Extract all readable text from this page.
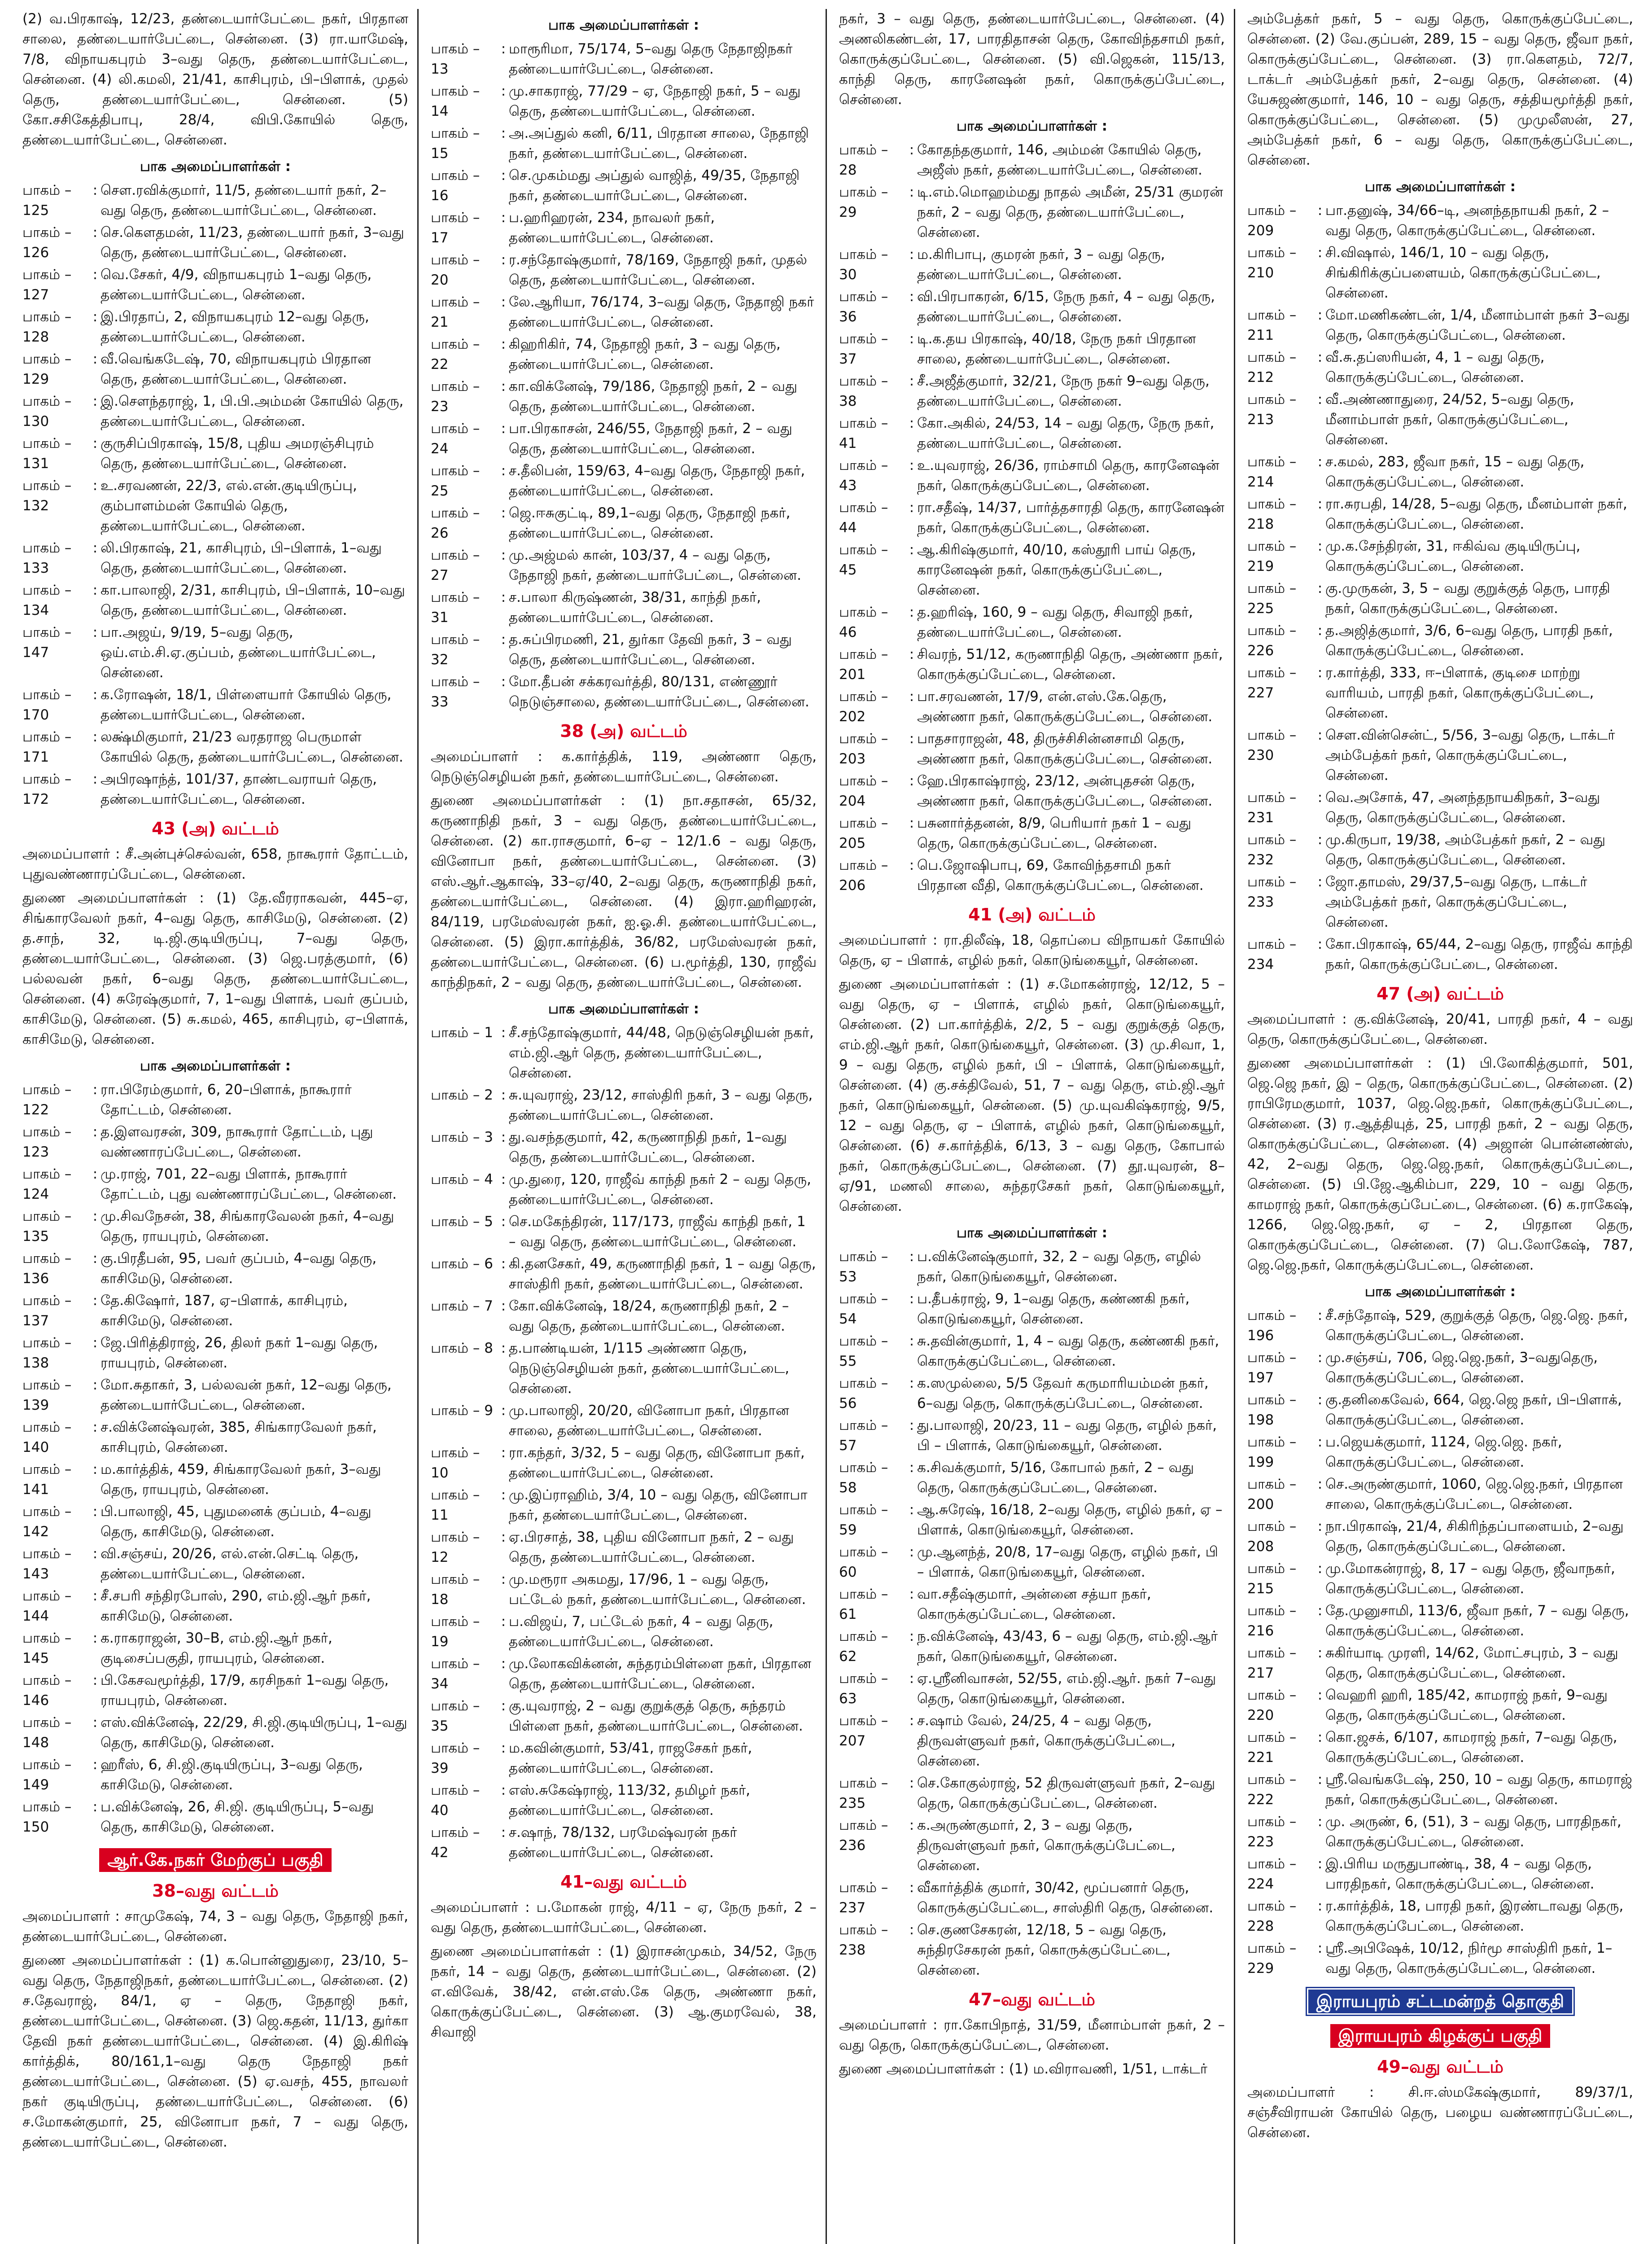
(2) வ.பிரகாஷ், 12/23, தண்டையார்பேட்டை நகர், பிரதான சாலை, தண்டையார்பேட்டை, சென்னை. (3) ரா.யாமேஷ், 7/8, விநாயகபுரம் 3–வது தெரு, தண்டையார்பேட்டை, சென்னை. (4) லி.கமலி, 21/41, காசிபுரம், பி–பிளாக், முதல் தெரு, தண்டையார்பேட்டை, சென்னை. (5) கோ.சசிகேத்திபாபு, 28/4, விபி.கோயில் தெரு, தண்டையார்பேட்டை, சென்னை.

பாக அமைப்பாளர்கள் :
பாகம் – 125
: செள.ரவிக்குமார், 11/5, தண்டையார் நகர், 2–வது தெரு, தண்டையார்பேட்டை, சென்னை.
பாகம் – 126
: செ.கௌதமன், 11/23, தண்டையார் நகர், 3–வது தெரு, தண்டையார்பேட்டை, சென்னை.
பாகம் – 127
: வெ.சேகர், 4/9, விநாயகபுரம் 1–வது தெரு, தண்டையார்பேட்டை, சென்னை.
பாகம் – 128
: இ.பிரதாப், 2, விநாயகபுரம் 12–வது தெரு, தண்டையார்பேட்டை, சென்னை.
பாகம் – 129
: வீ.வெங்கடேஷ், 70, விநாயகபுரம் பிரதான தெரு, தண்டையார்பேட்டை, சென்னை.
பாகம் – 130
: இ.சௌந்தராஜ், 1, பி.பி.அம்மன் கோயில் தெரு, தண்டையார்பேட்டை, சென்னை.
பாகம் – 131
: குருசிப்பிரகாஷ், 15/8, புதிய அமரஞ்சிபுரம் தெரு, தண்டையார்பேட்டை, சென்னை.
பாகம் – 132
: உ.சரவணன், 22/3, எல்.என்.குடியிருப்பு, கும்பாளம்மன் கோயில் தெரு, தண்டையார்பேட்டை, சென்னை.
பாகம் – 133
: லி.பிரகாஷ், 21, காசிபுரம், பி–பிளாக், 1–வது தெரு, தண்டையார்பேட்டை, சென்னை.
பாகம் – 134
: கா.பாலாஜி, 2/31, காசிபுரம், பி–பிளாக், 10–வது தெரு, தண்டையார்பேட்டை, சென்னை.
பாகம் – 147
: பா.அஜய், 9/19, 5–வது தெரு, ஒய்.எம்.சி.ஏ.குப்பம், தண்டையார்பேட்டை, சென்னை.
பாகம் – 170
: க.ரோஷன், 18/1, பிள்ளையார் கோயில் தெரு, தண்டையார்பேட்டை, சென்னை.
பாகம் – 171
: லக்ஷ்மிகுமார், 21/23 வரதராஜ பெருமாள் கோயில் தெரு, தண்டையார்பேட்டை, சென்னை.
பாகம் – 172
: அபிரஷாந்த், 101/37, தாண்டவராயர் தெரு, தண்டையார்பேட்டை, சென்னை.
43 (அ) வட்டம்

அமைப்பாளர் : சீ.அன்புச்செல்வன், 658, நாகூரார் தோட்டம், புதுவண்ணாரப்பேட்டை, சென்னை.

துணை அமைப்பாளர்கள் : (1) தே.வீரராகவன், 445–ஏ, சிங்காரவேலர் நகர், 4–வது தெரு, காசிமேடு, சென்னை. (2) த.சாந், 32, டி.ஜி.குடியிருப்பு, 7–வது தெரு, தண்டையார்பேட்டை, சென்னை. (3) ஜெ.பரத்குமார், (6) பல்லவன் நகர், 6–வது தெரு, தண்டையார்பேட்டை, சென்னை. (4) சுரேஷ்குமார், 7, 1–வது பிளாக், பவர் குப்பம், காசிமேடு, சென்னை. (5) சு.கமல், 465, காசிபுரம், ஏ–பிளாக், காசிமேடு, சென்னை.

பாக அமைப்பாளர்கள் :
பாகம் – 122
: ரா.பிரேம்குமார், 6, 20–பிளாக், நாகூரார் தோட்டம், சென்னை.
பாகம் – 123
: த.இளவரசன், 309, நாகூரார் தோட்டம், புது வண்ணாரப்பேட்டை, சென்னை.
பாகம் – 124
: மு.ராஜ், 701, 22–வது பிளாக், நாகூரார் தோட்டம், புது வண்ணாரப்பேட்டை, சென்னை.
பாகம் – 135
: மு.சிவநேசன், 38, சிங்காரவேலன் நகர், 4–வது தெரு, ராயபுரம், சென்னை.
பாகம் – 136
: கு.பிரதீபன், 95, பவர் குப்பம், 4–வது தெரு, காசிமேடு, சென்னை.
பாகம் – 137
: தே.கிஷோர், 187, ஏ–பிளாக், காசிபுரம், காசிமேடு, சென்னை.
பாகம் – 138
: ஜே.பிரித்திராஜ், 26, திலர் நகர் 1–வது தெரு, ராயபுரம், சென்னை.
பாகம் – 139
: மோ.சுதாகர், 3, பல்லவன் நகர், 12–வது தெரு, தண்டையார்பேட்டை, சென்னை.
பாகம் – 140
: ச.விக்னேஷ்வரன், 385, சிங்காரவேலர் நகர், காசிபுரம், சென்னை.
பாகம் – 141
: ம.கார்த்திக், 459, சிங்காரவேலர் நகர், 3–வது தெரு, ராயபுரம், சென்னை.
பாகம் – 142
: பி.பாலாஜி, 45, புதுமனைக் குப்பம், 4–வது தெரு, காசிமேடு, சென்னை.
பாகம் – 143
: வி.சஞ்சய், 20/26, எல்.என்.செட்டி தெரு, தண்டையார்பேட்டை, சென்னை.
பாகம் – 144
: சீ.சபரி சந்திரபோஸ், 290, எம்.ஜி.ஆர் நகர், காசிமேடு, சென்னை.
பாகம் – 145
: க.ராகராஜன், 30–B, எம்.ஜி.ஆர் நகர், குடிசைப்பகுதி, ராயபுரம், சென்னை.
பாகம் – 146
: பி.கேசவமூர்த்தி, 17/9, கரசிநகர் 1–வது தெரு, ராயபுரம், சென்னை.
பாகம் – 148
: எஸ்.விக்னேஷ், 22/29, சி.ஜி.குடியிருப்பு, 1–வது தெரு, காசிமேடு, சென்னை.
பாகம் – 149
: ஹரீஸ், 6, சி.ஜி.குடியிருப்பு, 3–வது தெரு, காசிமேடு, சென்னை.
பாகம் – 150
: ப.விக்னேஷ், 26, சி.ஜி. குடியிருப்பு, 5–வது தெரு, காசிமேடு, சென்னை.
ஆர்.கே.நகர் மேற்குப் பகுதி
38–வது வட்டம்

அமைப்பாளர் : சாமுகேஷ், 74, 3 – வது தெரு, நேதாஜி நகர், தண்டையார்பேட்டை, சென்னை.

துணை அமைப்பாளர்கள் : (1) க.பொன்னுதுரை, 23/10, 5–வது தெரு, நேதாஜிநகர், தண்டையார்பேட்டை, சென்னை. (2) ச.தேவராஜ், 84/1, ஏ – தெரு, நேதாஜி நகர், தண்டையார்பேட்டை, சென்னை. (3) ஜெ.கதன், 11/13, துர்கா தேவி நகர் தண்டையார்பேட்டை, சென்னை. (4) இ.கிரிஷ் கார்த்திக், 80/161,1–வது தெரு நேதாஜி நகர் தண்டையார்பேட்டை, சென்னை. (5) ஏ.வசந், 455, நாவலர் நகர் குடியிருப்பு, தண்டையார்பேட்டை, சென்னை. (6) ச.மோகன்குமார், 25, வினோபா நகர், 7 – வது தெரு, தண்டையார்பேட்டை, சென்னை.

பாக அமைப்பாளர்கள் :
பாகம் – 13
: மாரூரிமா, 75/174, 5–வது தெரு நேதாஜிநகர் தண்டையார்பேட்டை, சென்னை.
பாகம் – 14
: மு.சாகராஜ், 77/29 – ஏ, நேதாஜி நகர், 5 – வது தெரு, தண்டையார்பேட்டை, சென்னை.
பாகம் – 15
: அ.அப்துல் கனி, 6/11, பிரதான சாலை, நேதாஜி நகர், தண்டையார்பேட்டை, சென்னை.
பாகம் – 16
: செ.முகம்மது அப்துல் வாஜித், 49/35, நேதாஜி நகர், தண்டையார்பேட்டை, சென்னை.
பாகம் – 17
: ப.ஹரிஹரன், 234, நாவலர் நகர், தண்டையார்பேட்டை, சென்னை.
பாகம் – 20
: ர.சந்தோஷ்குமார், 78/169, நேதாஜி நகர், முதல் தெரு, தண்டையார்பேட்டை, சென்னை.
பாகம் – 21
: லே.ஆரியா, 76/174, 3–வது தெரு, நேதாஜி நகர் தண்டையார்பேட்டை, சென்னை.
பாகம் – 22
: கிஹரிகிர், 74, நேதாஜி நகர், 3 – வது தெரு, தண்டையார்பேட்டை, சென்னை.
பாகம் – 23
: கா.விக்னேஷ், 79/186, நேதாஜி நகர், 2 – வது தெரு, தண்டையார்பேட்டை, சென்னை.
பாகம் – 24
: பா.பிரகாசன், 246/55, நேதாஜி நகர், 2 – வது தெரு, தண்டையார்பேட்டை, சென்னை.
பாகம் – 25
: ச.தீலிபன், 159/63, 4–வது தெரு, நேதாஜி நகர், தண்டையார்பேட்டை, சென்னை.
பாகம் – 26
: ஜெ.ஈசுகுட்டி, 89,1–வது தெரு, நேதாஜி நகர், தண்டையார்பேட்டை, சென்னை.
பாகம் – 27
: மு.அஜ்மல் கான், 103/37, 4 – வது தெரு, நேதாஜி நகர், தண்டையார்பேட்டை, சென்னை.
பாகம் – 31
: ச.பாலா கிருஷ்ணன், 38/31, காந்தி நகர், தண்டையார்பேட்டை, சென்னை.
பாகம் – 32
: த.சுப்பிரமணி, 21, துர்கா தேவி நகர், 3 – வது தெரு, தண்டையார்பேட்டை, சென்னை.
பாகம் – 33
: மோ.தீபன் சக்கரவர்த்தி, 80/131, எண்ணூர் நெடுஞ்சாலை, தண்டையார்பேட்டை, சென்னை.
38 (அ) வட்டம்

அமைப்பாளர் : க.கார்த்திக், 119, அண்ணா தெரு, நெடுஞ்செழியன் நகர், தண்டையார்பேட்டை, சென்னை.

துணை அமைப்பாளர்கள் : (1) நா.சதாசன், 65/32, கருணாநிதி நகர், 3 – வது தெரு, தண்டையார்பேட்டை, சென்னை. (2) கா.ராசகுமார், 6–ஏ – 12/1.6 – வது தெரு, வினோபா நகர், தண்டையார்பேட்டை, சென்னை. (3) எஸ்.ஆர்.ஆகாஷ், 33–ஏ/40, 2–வது தெரு, கருணாநிதி நகர், தண்டையார்பேட்டை, சென்னை. (4) இரா.ஹரிஹரன், 84/119, பரமேஸ்வரன் நகர், ஐ.ஓ.சி. தண்டையார்பேட்டை, சென்னை. (5) இரா.கார்த்திக், 36/82, பரமேஸ்வரன் நகர், தண்டையார்பேட்டை, சென்னை. (6) ப.மூர்த்தி, 130, ராஜீவ் காந்திநகர், 2 – வது தெரு, தண்டையார்பேட்டை, சென்னை.

பாக அமைப்பாளர்கள் :
பாகம் – 1 : சீ.சந்தோஷ்குமார், 44/48, நெடுஞ்செழியன் நகர், எம்.ஜி.ஆர் தெரு, தண்டையார்பேட்டை, சென்னை.
பாகம் – 2 : சு.யுவராஜ், 23/12, சாஸ்திரி நகர், 3 – வது தெரு, தண்டையார்பேட்டை, சென்னை.
பாகம் – 3 : து.வசந்தகுமார், 42, கருணாநிதி நகர், 1–வது தெரு, தண்டையார்பேட்டை, சென்னை.
பாகம் – 4 : மு.துரை, 120, ராஜீவ் காந்தி நகர் 2 – வது தெரு, தண்டையார்பேட்டை, சென்னை.
பாகம் – 5 : செ.மகேந்திரன், 117/173, ராஜீவ் காந்தி நகர், 1 – வது தெரு, தண்டையார்பேட்டை, சென்னை.
பாகம் – 6 : கி.தனசேகர், 49, கருணாநிதி நகர், 1 – வது தெரு, சாஸ்திரி நகர், தண்டையார்பேட்டை, சென்னை.
பாகம் – 7 : கோ.விக்னேஷ், 18/24, கருணாநிதி நகர், 2 – வது தெரு, தண்டையார்பேட்டை, சென்னை.
பாகம் – 8 : த.பாண்டியன், 1/115 அண்ணா தெரு, நெடுஞ்செழியன் நகர், தண்டையார்பேட்டை, சென்னை.
பாகம் – 9 : மு.பாலாஜி, 20/20, வினோபா நகர், பிரதான சாலை, தண்டையார்பேட்டை, சென்னை.
பாகம் – 10
: ரா.கந்தர், 3/32, 5 – வது தெரு, வினோபா நகர், தண்டையார்பேட்டை, சென்னை.
பாகம் – 11
: மு.இப்ராஹிம், 3/4, 10 – வது தெரு, வினோபா நகர், தண்டையார்பேட்டை, சென்னை.
பாகம் – 12
: ஏ.பிரசாத், 38, புதிய வினோபா நகர், 2 – வது தெரு, தண்டையார்பேட்டை, சென்னை.
பாகம் – 18
: மு.மரூரா அகமது, 17/96, 1 – வது தெரு, பட்டேல் நகர், தண்டையார்பேட்டை, சென்னை.
பாகம் – 19
: ப.விஜய், 7, பட்டேல் நகர், 4 – வது தெரு, தண்டையார்பேட்டை, சென்னை.
பாகம் – 34
: மு.லோகவிக்னன், சுந்தரம்பிள்ளை நகர், பிரதான தெரு, தண்டையார்பேட்டை, சென்னை.
பாகம் – 35
: கு.யுவராஜ், 2 – வது குறுக்குத் தெரு, சுந்தரம் பிள்ளை நகர், தண்டையார்பேட்டை, சென்னை.
பாகம் – 39
: ம.கவின்குமார், 53/41, ராஜசேகர் நகர், தண்டையார்பேட்டை, சென்னை.
பாகம் – 40
: எஸ்.சுகேஷ்ராஜ், 113/32, தமிழர் நகர், தண்டையார்பேட்டை, சென்னை.
பாகம் – 42
: ச.ஷாந், 78/132, பரமேஷ்வரன் நகர் தண்டையார்பேட்டை, சென்னை.
41–வது வட்டம்

அமைப்பாளர் : ப.மோகன் ராஜ், 4/11 – ஏ, நேரு நகர், 2 – வது தெரு, தண்டையார்பேட்டை, சென்னை.

துணை அமைப்பாளர்கள் : (1) இராசன்முகம், 34/52, நேரு நகர், 14 – வது தெரு, தண்டையார்பேட்டை, சென்னை. (2) எ.விவேக், 38/42, என்.எஸ்.கே தெரு, அண்ணா நகர், கொருக்குப்பேட்டை, சென்னை. (3) ஆ.குமரவேல், 38, சிவாஜி

நகர், 3 – வது தெரு, தண்டையார்பேட்டை, சென்னை. (4) அணலிகண்டன், 17, பாரதிதாசன் தெரு, கோவிந்தசாமி நகர், கொருக்குப்பேட்டை, சென்னை. (5) வி.ஜெகன், 115/13, காந்தி தெரு, காரனேஷன் நகர், கொருக்குப்பேட்டை, சென்னை.

பாக அமைப்பாளர்கள் :
பாகம் – 28
: கோதந்தகுமார், 146, அம்மன் கோயில் தெரு, அஜீஸ் நகர், தண்டையார்பேட்டை, சென்னை.
பாகம் – 29
: டி.எம்.மொஹம்மது நாதல் அமீன், 25/31 குமரன் நகர், 2 – வது தெரு, தண்டையார்பேட்டை, சென்னை.
பாகம் – 30
: ம.கிரிபாபு, குமரன் நகர், 3 – வது தெரு, தண்டையார்பேட்டை, சென்னை.
பாகம் – 36
: வி.பிரபாகரன், 6/15, நேரு நகர், 4 – வது தெரு, தண்டையார்பேட்டை, சென்னை.
பாகம் – 37
: டி.க.தய பிரகாஷ், 40/18, நேரு நகர் பிரதான சாலை, தண்டையார்பேட்டை, சென்னை.
பாகம் – 38
: சீ.அஜீத்குமார், 32/21, நேரு நகர் 9–வது தெரு, தண்டையார்பேட்டை, சென்னை.
பாகம் – 41
: கோ.அகில், 24/53, 14 – வது தெரு, நேரு நகர், தண்டையார்பேட்டை, சென்னை.
பாகம் – 43
: உ.யுவராஜ், 26/36, ராம்சாமி தெரு, காரனேஷன் நகர், கொருக்குப்பேட்டை, சென்னை.
பாகம் – 44
: ரா.சதீஷ், 14/37, பார்த்தசாரதி தெரு, காரனேஷன் நகர், கொருக்குப்பேட்டை, சென்னை.
பாகம் – 45
: ஆ.கிரிஷ்குமார், 40/10, கஸ்தூரி பாய் தெரு, காரனேஷன் நகர், கொருக்குப்பேட்டை, சென்னை.
பாகம் – 46
: த.ஹரிஷ், 160, 9 – வது தெரு, சிவாஜி நகர், தண்டையார்பேட்டை, சென்னை.
பாகம் – 201
: சிவரந், 51/12, கருணாநிதி தெரு, அண்ணா நகர், கொருக்குப்பேட்டை, சென்னை.
பாகம் – 202
: பா.சரவணன், 17/9, என்.எஸ்.கே.தெரு, அண்ணா நகர், கொருக்குப்பேட்டை, சென்னை.
பாகம் – 203
: பாதசாராஜன், 48, திருச்சிசின்னசாமி தெரு, அண்ணா நகர், கொருக்குப்பேட்டை, சென்னை.
பாகம் – 204
: ஹே.பிரகாஷ்ராஜ், 23/12, அன்புதசன் தெரு, அண்ணா நகர், கொருக்குப்பேட்டை, சென்னை.
பாகம் – 205
: பசுனார்த்தனன், 8/9, பெரியார் நகர் 1 – வது தெரு, கொருக்குப்பேட்டை, சென்னை.
பாகம் – 206
: பெ.ஜோஷிபாபு, 69, கோவிந்தசாமி நகர் பிரதான வீதி, கொருக்குப்பேட்டை, சென்னை.
41 (அ) வட்டம்

அமைப்பாளர் : ரா.திலீஷ், 18, தொப்பை விநாயகர் கோயில் தெரு, ஏ – பிளாக், எழில் நகர், கொடுங்கையூர், சென்னை.

துணை அமைப்பாளர்கள் : (1) ச.மோகன்ராஜ், 12/12, 5 – வது தெரு, ஏ – பிளாக், எழில் நகர், கொடுங்கையூர், சென்னை. (2) பா.கார்த்திக், 2/2, 5 – வது குறுக்குத் தெரு, எம்.ஜி.ஆர் நகர், கொடுங்கையூர், சென்னை. (3) மு.சிவா, 1, 9 – வது தெரு, எழில் நகர், பி – பிளாக், கொடுங்கையூர், சென்னை. (4) கு.சக்திவேல், 51, 7 – வது தெரு, எம்.ஜி.ஆர் நகர், கொடுங்கையூர், சென்னை. (5) மு.யுவகிஷ்கராஜ், 9/5, 12 – வது தெரு, ஏ – பிளாக், எழில் நகர், கொடுங்கையூர், சென்னை. (6) ச.கார்த்திக், 6/13, 3 – வது தெரு, கோபால் நகர், கொருக்குப்பேட்டை, சென்னை. (7) தூ.யுவரன், 8–ஏ/91, மணலி சாலை, சுந்தரசேகர் நகர், கொடுங்கையூர், சென்னை.

பாக அமைப்பாளர்கள் :
பாகம் – 53
: ப.விக்னேஷ்குமார், 32, 2 – வது தெரு, எழில் நகர், கொடுங்கையூர், சென்னை.
பாகம் – 54
: ப.தீபக்ராஜ், 9, 1–வது தெரு, கண்ணகி நகர், கொடுங்கையூர், சென்னை.
பாகம் – 55
: சு.தவின்குமார், 1, 4 – வது தெரு, கண்ணகி நகர், கொருக்குப்பேட்டை, சென்னை.
பாகம் – 56
: க.ஸமுல்லை, 5/5 தேவர் கருமாரியம்மன் நகர், 6–வது தெரு, கொருக்குப்பேட்டை, சென்னை.
பாகம் – 57
: து.பாலாஜி, 20/23, 11 – வது தெரு, எழில் நகர், பி – பிளாக், கொடுங்கையூர், சென்னை.
பாகம் – 58
: க.சிவக்குமார், 5/16, கோபால் நகர், 2 – வது தெரு, கொருக்குப்பேட்டை, சென்னை.
பாகம் – 59
: ஆ.சுரேஷ், 16/18, 2–வது தெரு, எழில் நகர், ஏ – பிளாக், கொடுங்கையூர், சென்னை.
பாகம் – 60
: மு.ஆனந்த், 20/8, 17–வது தெரு, எழில் நகர், பி – பிளாக், கொடுங்கையூர், சென்னை.
பாகம் – 61
: வா.சதீஷ்குமார், அன்னை சத்யா நகர், கொருக்குப்பேட்டை, சென்னை.
பாகம் – 62
: ந.விக்னேஷ், 43/43, 6 – வது தெரு, எம்.ஜி.ஆர் நகர், கொடுங்கையூர், சென்னை.
பாகம் – 63
: ஏ.ஸ்ரீனிவாசன், 52/55, எம்.ஜி.ஆர். நகர் 7–வது தெரு, கொடுங்கையூர், சென்னை.
பாகம் – 207
: ச.ஷாம் வேல், 24/25, 4 – வது தெரு, திருவள்ளுவர் நகர், கொருக்குப்பேட்டை, சென்னை.
பாகம் – 235
: செ.கோகுல்ராஜ், 52 திருவள்ளுவர் நகர், 2–வது தெரு, கொருக்குப்பேட்டை, சென்னை.
பாகம் – 236
: க.அருண்குமார், 2, 3 – வது தெரு, திருவள்ளுவர் நகர், கொருக்குப்பேட்டை, சென்னை.
பாகம் – 237
: வீகார்த்திக் குமார், 30/42, மூப்பனார் தெரு, கொருக்குப்பேட்டை, சாஸ்திரி தெரு, சென்னை.
பாகம் – 238
: செ.குணசேகரன், 12/18, 5 – வது தெரு, சுந்திரசேகரன் நகர், கொருக்குப்பேட்டை, சென்னை.
47–வது வட்டம்

அமைப்பாளர் : ரா.கோபிநாத், 31/59, மீனாம்பாள் நகர், 2 – வது தெரு, கொருக்குப்பேட்டை, சென்னை.

துணை அமைப்பாளர்கள் : (1) ம.விராவணி, 1/51, டாக்டர்

அம்பேத்கர் நகர், 5 – வது தெரு, கொருக்குப்பேட்டை, சென்னை. (2) வே.குப்பன், 289, 15 – வது தெரு, ஜீவா நகர், கொருக்குப்பேட்டை, சென்னை. (3) ரா.கௌதம், 72/7, டாக்டர் அம்பேத்கர் நகர், 2–வது தெரு, சென்னை. (4) யேசுஜண்குமார், 146, 10 – வது தெரு, சத்தியமூர்த்தி நகர், கொருக்குப்பேட்டை, சென்னை. (5) முமுலீஸன், 27, அம்பேத்கர் நகர், 6 – வது தெரு, கொருக்குப்பேட்டை, சென்னை.

பாக அமைப்பாளர்கள் :
பாகம் – 209
: பா.தனுஷ், 34/66–டி, அனந்தநாயகி நகர், 2 – வது தெரு, கொருக்குப்பேட்டை, சென்னை.
பாகம் – 210
: சி.விஷால், 146/1, 10 – வது தெரு, சிங்கிரிக்குப்பளையம், கொருக்குப்பேட்டை, சென்னை.
பாகம் – 211
: மோ.மணிகண்டன், 1/4, மீனாம்பாள் நகர் 3–வது தெரு, கொருக்குப்பேட்டை, சென்னை.
பாகம் – 212
: வீ.சு.தப்ஸரியன், 4, 1 – வது தெரு, கொருக்குப்பேட்டை, சென்னை.
பாகம் – 213
: வீ.அண்ணாதுரை, 24/52, 5–வது தெரு, மீனாம்பாள் நகர், கொருக்குப்பேட்டை, சென்னை.
பாகம் – 214
: ச.கமல், 283, ஜீவா நகர், 15 – வது தெரு, கொருக்குப்பேட்டை, சென்னை.
பாகம் – 218
: ரா.சுரபதி, 14/28, 5–வது தெரு, மீனம்பாள் நகர், கொருக்குப்பேட்டை, சென்னை.
பாகம் – 219
: மு.க.சேந்திரன், 31, ஈகிவ்வ குடியிருப்பு, கொருக்குப்பேட்டை, சென்னை.
பாகம் – 225
: கு.முருகன், 3, 5 – வது குறுக்குத் தெரு, பாரதி நகர், கொருக்குப்பேட்டை, சென்னை.
பாகம் – 226
: த.அஜித்குமார், 3/6, 6–வது தெரு, பாரதி நகர், கொருக்குப்பேட்டை, சென்னை.
பாகம் – 227
: ர.கார்த்தி, 333, ஈ–பிளாக், குடிசை மாற்று வாரியம், பாரதி நகர், கொருக்குப்பேட்டை, சென்னை.
பாகம் – 230
: செள.வின்சென்ட், 5/56, 3–வது தெரு, டாக்டர் அம்பேத்கர் நகர், கொருக்குப்பேட்டை, சென்னை.
பாகம் – 231
: வெ.அசோக், 47, அனந்தநாயகிநகர், 3–வது தெரு, கொருக்குப்பேட்டை, சென்னை.
பாகம் – 232
: மு.கிருபா, 19/38, அம்பேத்கர் நகர், 2 – வது தெரு, கொருக்குப்பேட்டை, சென்னை.
பாகம் – 233
: ஜோ.தாமஸ், 29/37,5–வது தெரு, டாக்டர் அம்பேத்கர் நகர், கொருக்குப்பேட்டை, சென்னை.
பாகம் – 234
: கோ.பிரகாஷ், 65/44, 2–வது தெரு, ராஜீவ் காந்தி நகர், கொருக்குப்பேட்டை, சென்னை.
47 (அ) வட்டம்

அமைப்பாளர் : கு.விக்னேஷ், 20/41, பாரதி நகர், 4 – வது தெரு, கொருக்குப்பேட்டை, சென்னை.

துணை அமைப்பாளர்கள் : (1) பி.லோகித்குமார், 501, ஜெ.ஜெ நகர், இ – தெரு, கொருக்குப்பேட்டை, சென்னை. (2) ராபிரேமகுமார், 1037, ஜெ.ஜெ.நகர், கொருக்குப்பேட்டை, சென்னை. (3) ர.ஆத்தியுத், 25, பாரதி நகர், 2 – வது தெரு, கொருக்குப்பேட்டை, சென்னை. (4) அஜான் பொன்னண்ஸ், 42, 2–வது தெரு, ஜெ.ஜெ.நகர், கொருக்குப்பேட்டை, சென்னை. (5) பி.ஜே.ஆகிம்பா, 229, 10 – வது தெரு, காமராஜ் நகர், கொருக்குப்பேட்டை, சென்னை. (6) க.ராகேஷ், 1266, ஜெ.ஜெ.நகர், ஏ – 2, பிரதான தெரு, கொருக்குப்பேட்டை, சென்னை. (7) பெ.லோகேஷ், 787, ஜெ.ஜெ.நகர், கொருக்குப்பேட்டை, சென்னை.

பாக அமைப்பாளர்கள் :
பாகம் – 196
: சீ.சந்தோஷ், 529, குறுக்குத் தெரு, ஜெ.ஜெ. நகர், கொருக்குப்பேட்டை, சென்னை.
பாகம் – 197
: மு.சஞ்சய், 706, ஜெ.ஜெ.நகர், 3–வதுதெரு, கொருக்குப்பேட்டை, சென்னை.
பாகம் – 198
: கு.தனிகைவேல், 664, ஜெ.ஜெ நகர், பி–பிளாக், கொருக்குப்பேட்டை, சென்னை.
பாகம் – 199
: ப.ஜெயக்குமார், 1124, ஜெ.ஜெ. நகர், கொருக்குப்பேட்டை, சென்னை.
பாகம் – 200
: செ.அருண்குமார், 1060, ஜெ.ஜெ.நகர், பிரதான சாலை, கொருக்குப்பேட்டை, சென்னை.
பாகம் – 208
: நா.பிரகாஷ், 21/4, சிகிரிந்தப்பாளையம், 2–வது தெரு, கொருக்குப்பேட்டை, சென்னை.
பாகம் – 215
: மு.மோகன்ராஜ், 8, 17 – வது தெரு, ஜீவாநகர், கொருக்குப்பேட்டை, சென்னை.
பாகம் – 216
: தே.முனுசாமி, 113/6, ஜீவா நகர், 7 – வது தெரு, கொருக்குப்பேட்டை, சென்னை.
பாகம் – 217
: சுகிர்யாடி முரளி, 14/62, மோட்சபுரம், 3 – வது தெரு, கொருக்குப்பேட்டை, சென்னை.
பாகம் – 220
: வெஹரி ஹரி, 185/42, காமராஜ் நகர், 9–வது தெரு, கொருக்குப்பேட்டை, சென்னை.
பாகம் – 221
: கொ.ஜசக், 6/107, காமராஜ் நகர், 7–வது தெரு, கொருக்குப்பேட்டை, சென்னை.
பாகம் – 222
: ஸ்ரீ.வெங்கடேஷ், 250, 10 – வது தெரு, காமராஜ் நகர், கொருக்குப்பேட்டை, சென்னை.
பாகம் – 223
: மு. அருண், 6, (51), 3 – வது தெரு, பாரதிநகர், கொருக்குப்பேட்டை, சென்னை.
பாகம் – 224
: இ.பிரிய மருதுபாண்டி, 38, 4 – வது தெரு, பாரதிநகர், கொருக்குப்பேட்டை, சென்னை.
பாகம் – 228
: ர.கார்த்திக், 18, பாரதி நகர், இரண்டாவது தெரு, கொருக்குப்பேட்டை, சென்னை.
பாகம் – 229
: ஸ்ரீ.அபிஷேக், 10/12, நிர்மூ சாஸ்திரி நகர், 1–வது தெரு, கொருக்குப்பேட்டை, சென்னை.
இராயபுரம் சட்டமன்றத் தொகுதி
இராயபுரம் கிழக்குப் பகுதி
49–வது வட்டம்

அமைப்பாளர் : சி.ஈ.ஸ்மகேஷ்குமார், 89/37/1, சஞ்சீவிராயன் கோயில் தெரு, பழைய வண்ணாரப்பேட்டை, சென்னை.
